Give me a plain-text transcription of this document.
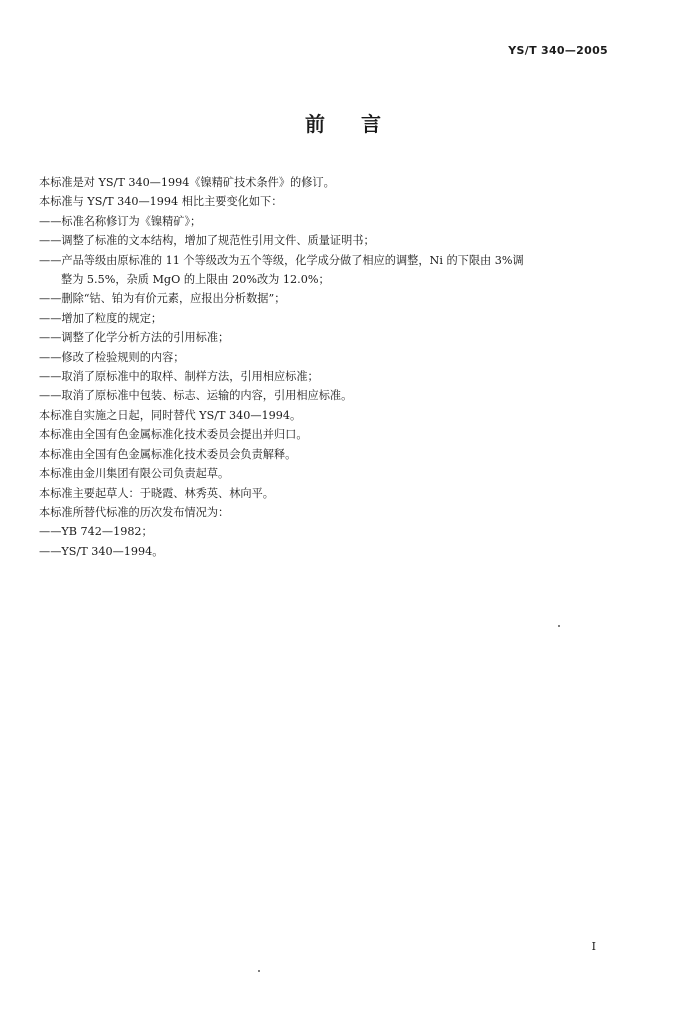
YS/T 340—2005
前言
本标准是对 YS/T 340—1994《镍精矿技术条件》的修订。
本标准与 YS/T 340—1994 相比主要变化如下：
——标准名称修订为《镍精矿》；
——调整了标准的文本结构，增加了规范性引用文件、质量证明书；
——产品等级由原标准的 11 个等级改为五个等级，化学成分做了相应的调整，Ni 的下限由 3%调
整为 5.5%，杂质 MgO 的上限由 20%改为 12.0%；
——删除“钴、铂为有价元素，应报出分析数据”；
——增加了粒度的规定；
——调整了化学分析方法的引用标准；
——修改了检验规则的内容；
——取消了原标准中的取样、制样方法，引用相应标准；
——取消了原标准中包装、标志、运输的内容，引用相应标准。
本标准自实施之日起，同时替代 YS/T 340—1994。
本标准由全国有色金属标准化技术委员会提出并归口。
本标准由全国有色金属标准化技术委员会负责解释。
本标准由金川集团有限公司负责起草。
本标准主要起草人：于晓霞、林秀英、林向平。
本标准所替代标准的历次发布情况为：
——YB 742—1982；
——YS/T 340—1994。
I
